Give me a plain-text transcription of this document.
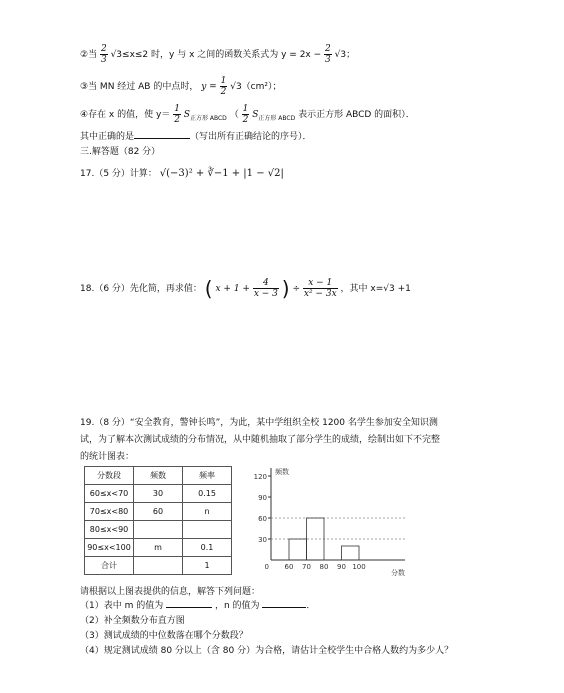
②当 $\frac{2}{3} √3\le x\le 2$ 时，y 与 x 之间的函数关系式为 $y = 2x - \frac{2}{3} √3$；
③当 MN 经过 AB 的中点时， $y = \frac{1}{2} √3(cm^2)$；
④存在 x 的值，使 $y= \frac{1}{2} S_{正方形 ABCD}$ （ $\frac{1}{2} S_{正方形 ABCD}$ 表示正方形 ABCD 的面积）．
其中正确的是	（写出所有正确结论的序号）．
三.解答题（82 分）
17.（5 分）计算： √(−3)² + ∛−1 + |1 − √2|
18.（6 分）先化简，再求值： ( $x + 1 + \frac{4}{x - 3}$ ) ÷ $\frac{x - 1}{\text{x² − 3x}}$ ，其中 x=√3 +1
19.（8 分）“安全教育，警钟长鸣”，为此，某中学组织全校 1200 名学生参加安全知识测
试，为了解本次测试成绩的分布情况，从中随机抽取了部分学生的成绩，绘制出如下不完整
的统计图表：
分数段	频数	频率
60≤x<70	30	0.15
70≤x<80	60	n
80≤x<90		
90≤x<100	m	0.1
合计		1	0
30
60
90
120
60 70 80 90 100
频数
分数
请根据以上图表提供的信息，解答下列问题：
（1）表中 m 的值为	，n 的值为	．
（2）补全频数分布直方图
（3）测试成绩的中位数落在哪个分数段？
（4）规定测试成绩 80 分以上（含 80 分）为合格，请估计全校学生中合格人数约为多少人？
